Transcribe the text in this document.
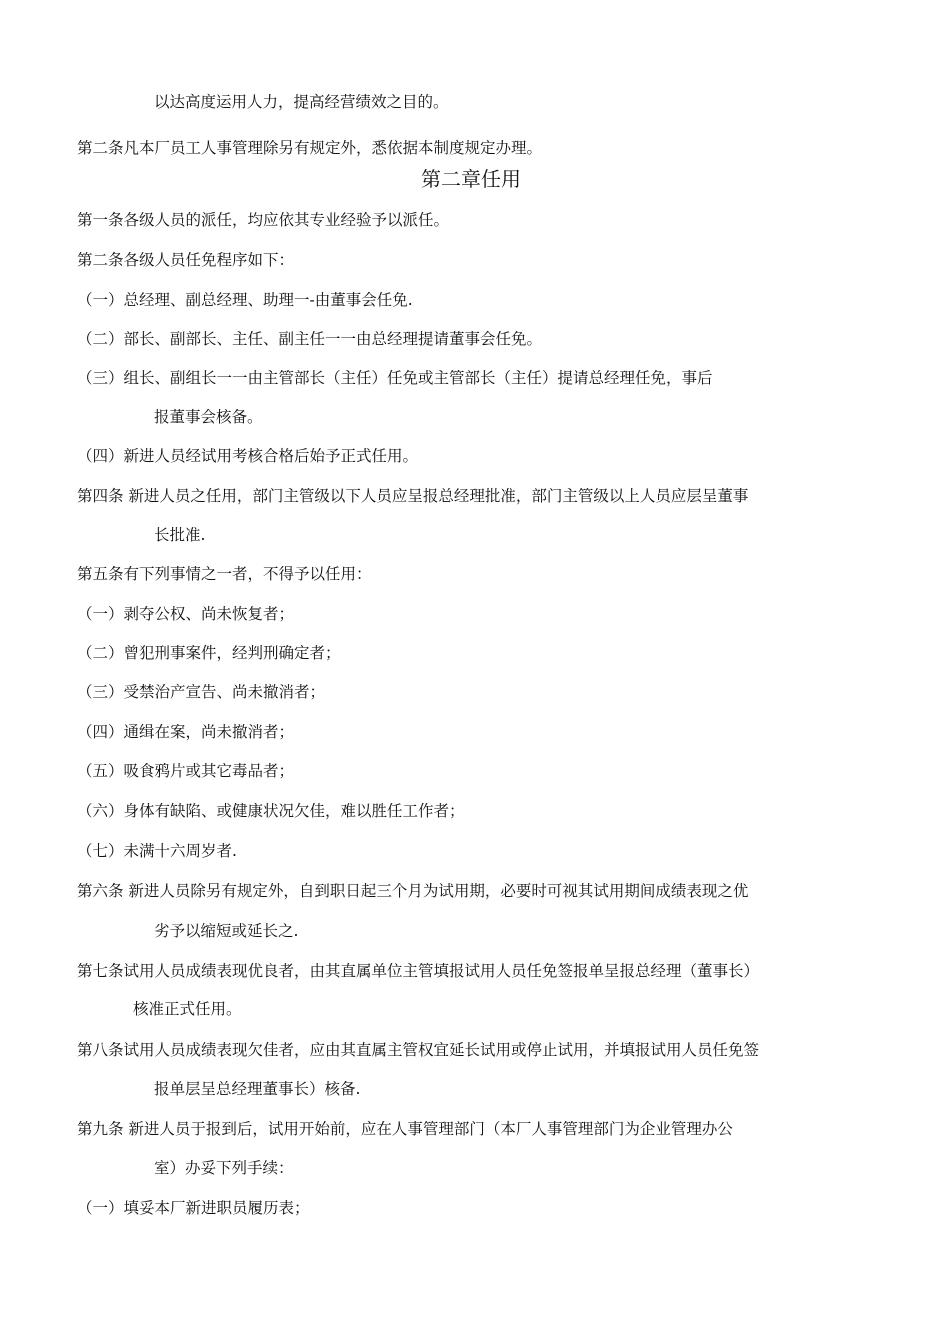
以达高度运用人力，提高经营绩效之目的。
第二条凡本厂员工人事管理除另有规定外，悉依据本制度规定办理。
第二章任用
第一条各级人员的派任，均应依其专业经验予以派任。
第二条各级人员任免程序如下：
（一）总经理、副总经理、助理一-由董事会任免.
（二）部长、副部长、主任、副主任一一由总经理提请董事会任免。
（三）组长、副组长一一由主管部长（主任）任免或主管部长（主任）提请总经理任免，事后
报董事会核备。
（四）新进人员经试用考核合格后始予正式任用。
第四条 新进人员之任用，部门主管级以下人员应呈报总经理批准，部门主管级以上人员应层呈董事
长批准.
第五条有下列事情之一者，不得予以任用：
（一）剥夺公权、尚未恢复者；
（二）曾犯刑事案件，经判刑确定者；
（三）受禁治产宣告、尚未撤消者；
（四）通缉在案，尚未撤消者；
（五）吸食鸦片或其它毒品者；
（六）身体有缺陷、或健康状况欠佳，难以胜任工作者；
（七）未满十六周岁者.
第六条 新进人员除另有规定外，自到职日起三个月为试用期，必要时可视其试用期间成绩表现之优
劣予以缩短或延长之.
第七条试用人员成绩表现优良者，由其直属单位主管填报试用人员任免签报单呈报总经理（董事长）
核准正式任用。
第八条试用人员成绩表现欠佳者，应由其直属主管权宜延长试用或停止试用，并填报试用人员任免签
报单层呈总经理董事长）核备.
第九条 新进人员于报到后，试用开始前，应在人事管理部门（本厂人事管理部门为企业管理办公
室）办妥下列手续：
（一）填妥本厂新进职员履历表；
